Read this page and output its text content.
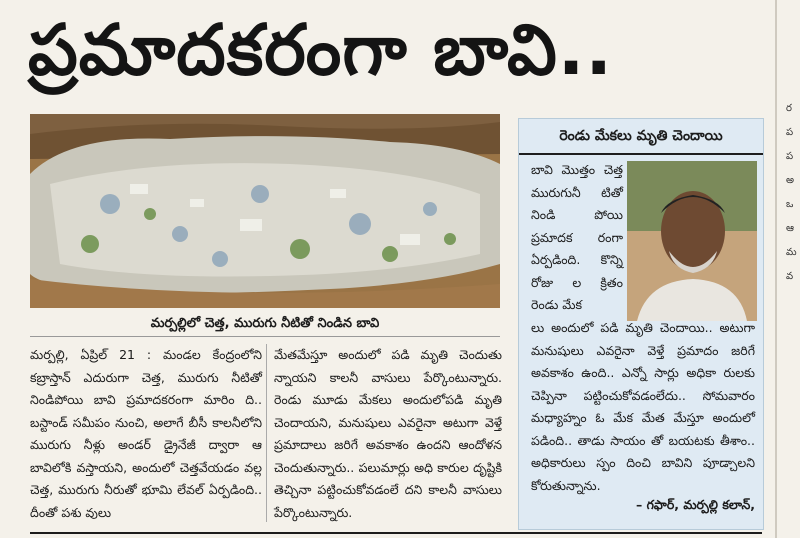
ప్రమాదకరంగా బావి..
ర
ప
ప
అ
ఒ
ఆ
మ
వ
మర్పల్లిలో చెత్త, మురుగు నీటితో నిండిన బావి
మర్పల్లి, ఏప్రిల్ 21 : మండల కేంద్రంలోని కబ్రాస్తాన్ ఎదురుగా చెత్త, మురుగు నీటితో నిండిపోయి బావి ప్రమాదకరంగా మారిం ది.. బస్టాండ్ సమీపం నుంచి, అలాగే బీసీ కాలనీలోని మురుగు నీళ్లు అండర్ డ్రైనేజీ ద్వారా ఆ బావిలోకి వస్తాయని, అందులో చెత్తవేయడం వల్ల చెత్త, మురుగు నీరుతో భూమి లేవల్ ఏర్పడింది.. దీంతో పశు వులు
మేతమేస్తూ అందులో పడి మృతి చెందుతు న్నాయని కాలనీ వాసులు పేర్కొంటున్నారు. రెండు మూడు మేకలు అందులోపడి మృతి చెందాయని, మనుషులు ఎవరైనా అటుగా వెళ్తే ప్రమాదాలు జరిగే అవకాశం ఉందని ఆందోళన చెందుతున్నారు.. పలుమార్లు అధి కారుల దృష్టికి తెచ్చినా పట్టించుకోవడంలే దని కాలనీ వాసులు పేర్కొంటున్నారు.
రెండు మేకలు మృతి చెందాయి
బావి మొత్తం చెత్త మురుగునీ టితో నిండి పోయి ప్రమాదక రంగా ఏర్పడింది. కొన్ని రోజు ల క్రితం రెండు మేక
లు అందులో పడి మృతి చెందాయి.. అటుగా మనుషులు ఎవరైనా వెళ్తే ప్రమాదం జరిగే అవకాశం ఉంది.. ఎన్నో సార్లు అధికా రులకు చెప్పినా పట్టించుకోవడంలేదు.. సోమవారం మధ్యాహ్నం ఓ మేక మేత మేస్తూ అందులో పడింది.. తాడు సాయం తో బయటకు తీశాం.. అధికారులు స్పం దించి బావిని పూడ్చాలని కోరుతున్నాను.
– గఫార్, మర్పల్లి కలాన్,
